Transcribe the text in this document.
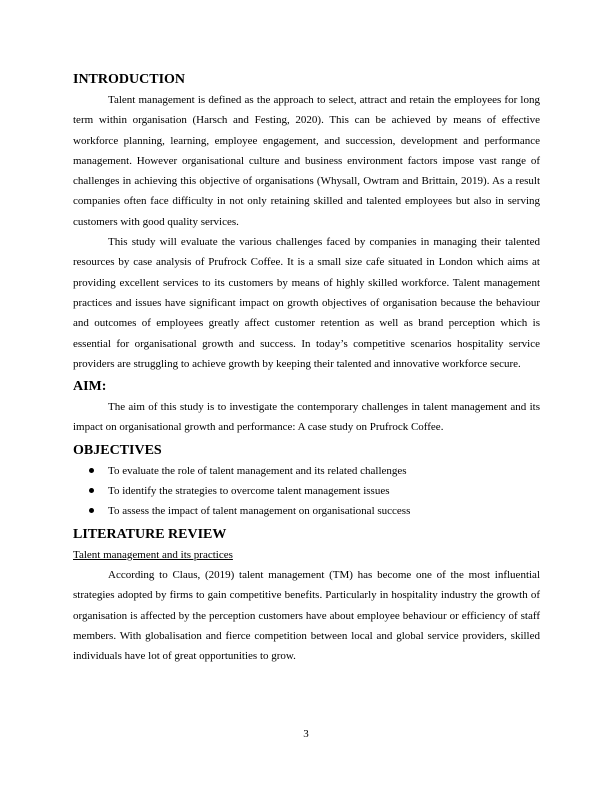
INTRODUCTION

Talent management is defined as the approach to select, attract and retain the employees for long term within organisation (Harsch and Festing, 2020). This can be achieved by means of effective workforce planning, learning, employee engagement, and succession, development and performance management. However organisational culture and business environment factors impose vast range of challenges in achieving this objective of organisations (Whysall, Owtram and Brittain, 2019). As a result companies often face difficulty in not only retaining skilled and talented employees but also in serving customers with good quality services.

This study will evaluate the various challenges faced by companies in managing their talented resources by case analysis of Prufrock Coffee. It is a small size cafe situated in London which aims at providing excellent services to its customers by means of highly skilled workforce. Talent management practices and issues have significant impact on growth objectives of organisation because the behaviour and outcomes of employees greatly affect customer retention as well as brand perception which is essential for organisational growth and success. In today’s competitive scenarios hospitality service providers are struggling to achieve growth by keeping their talented and innovative workforce secure.

AIM:

The aim of this study is to investigate the contemporary challenges in talent management and its impact on organisational growth and performance: A case study on Prufrock Coffee.

OBJECTIVES
To evaluate the role of talent management and its related challenges
To identify the strategies to overcome talent management issues
To assess the impact of talent management on organisational success
LITERATURE REVIEW

Talent management and its practices

According to Claus, (2019) talent management (TM) has become one of the most influential strategies adopted by firms to gain competitive benefits. Particularly in hospitality industry the growth of organisation is affected by the perception customers have about employee behaviour or efficiency of staff members. With globalisation and fierce competition between local and global service providers, skilled individuals have lot of great opportunities to grow.

3
